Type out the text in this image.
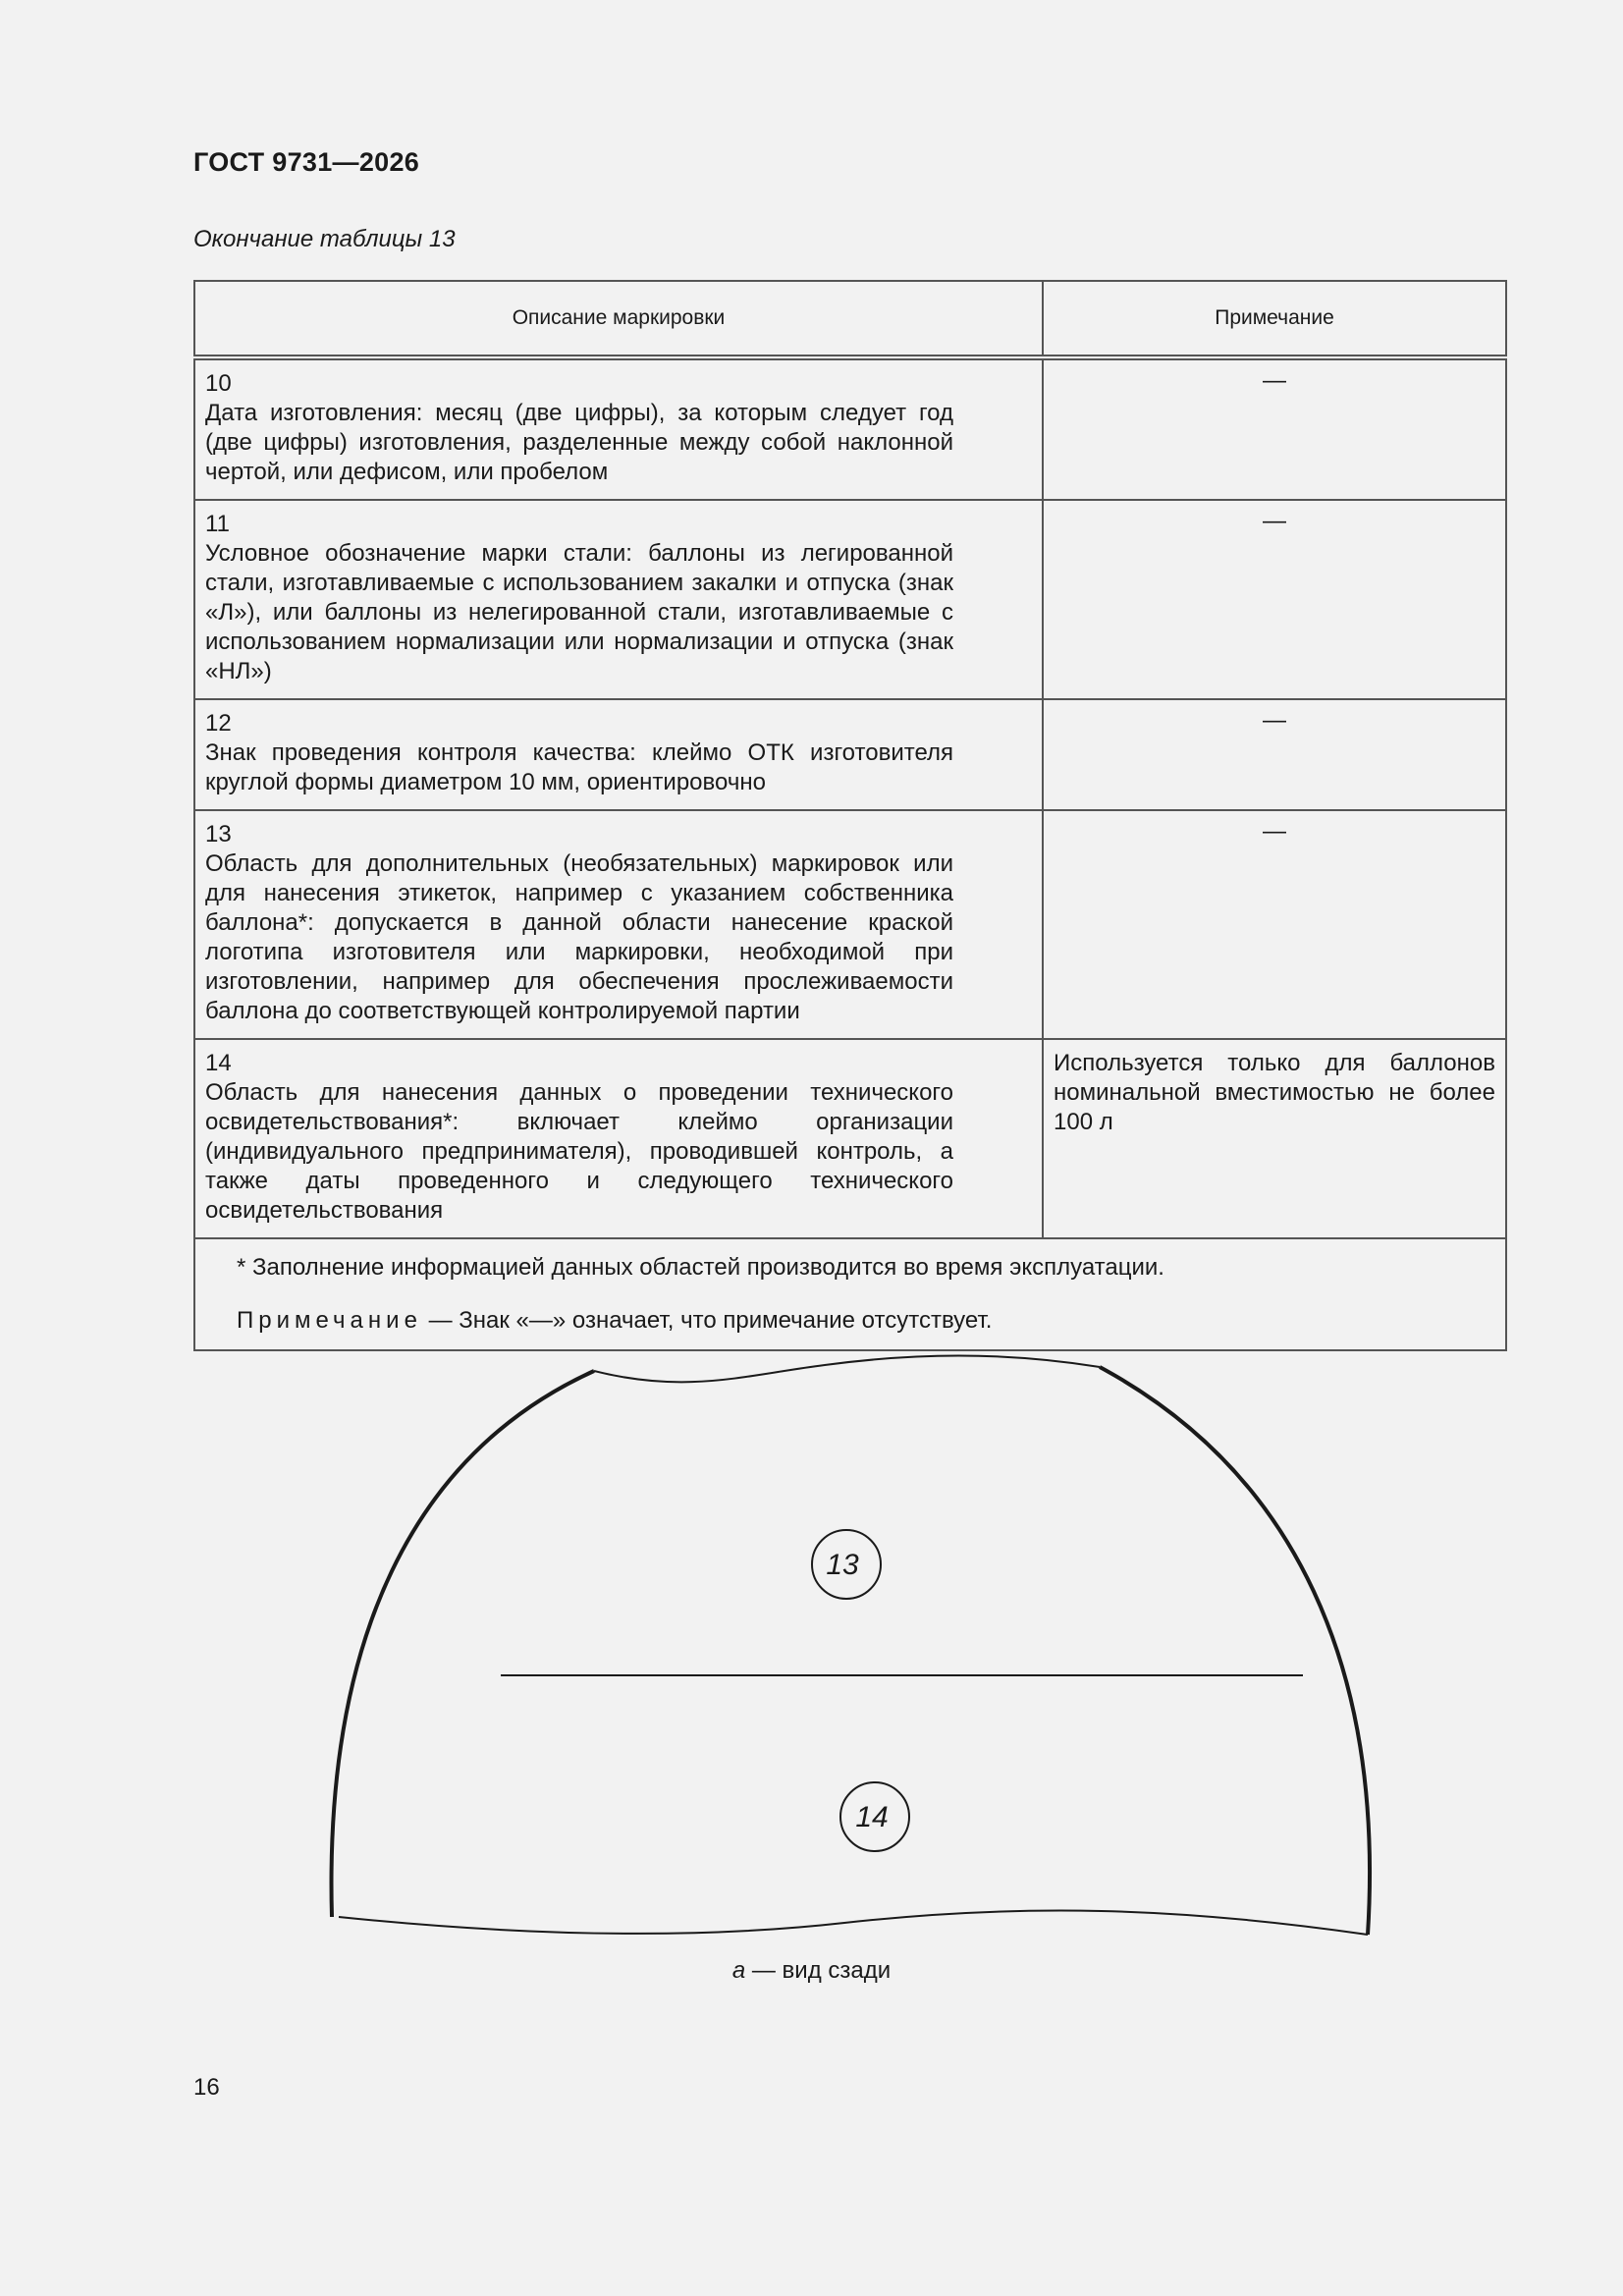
ГОСТ 9731—2026
Окончание таблицы 13
Описание маркировки	Примечание
10Дата изготовления: месяц (две цифры), за которым следует год (две цифры) изготовления, разделенные между собой наклонной чертой, или дефисом, или пробелом	—
11Условное обозначение марки стали: баллоны из легированной стали, изготавливаемые с использованием закалки и отпуска (знак «Л»), или баллоны из нелегированной стали, изготавливаемые с использованием нормализации или нормализации и отпуска (знак «НЛ»)	—
12Знак проведения контроля качества: клеймо ОТК изготовителя круглой формы диаметром 10 мм, ориентировочно	—
13Область для дополнительных (необязательных) маркировок или для нанесения этикеток, например с указанием собственника баллона*: допускается в данной области нанесение краской логотипа изготовителя или маркировки, необходимой при изготовлении, например для обеспечения прослеживаемости баллона до соответствующей контролируемой партии	—
14Область для нанесения данных о проведении технического освидетельствования*: включает клеймо организации (индивидуального предпринимателя), проводившей контроль, а также даты проведенного и следующего технического освидетельствования	Используется только для баллонов номинальной вместимостью не более 100 л

* Заполнение информацией данных областей производится во время эксплуатации.

Примечание — Знак «—» означает, что примечание отсутствует.	

13
14
а — вид сзади
16
